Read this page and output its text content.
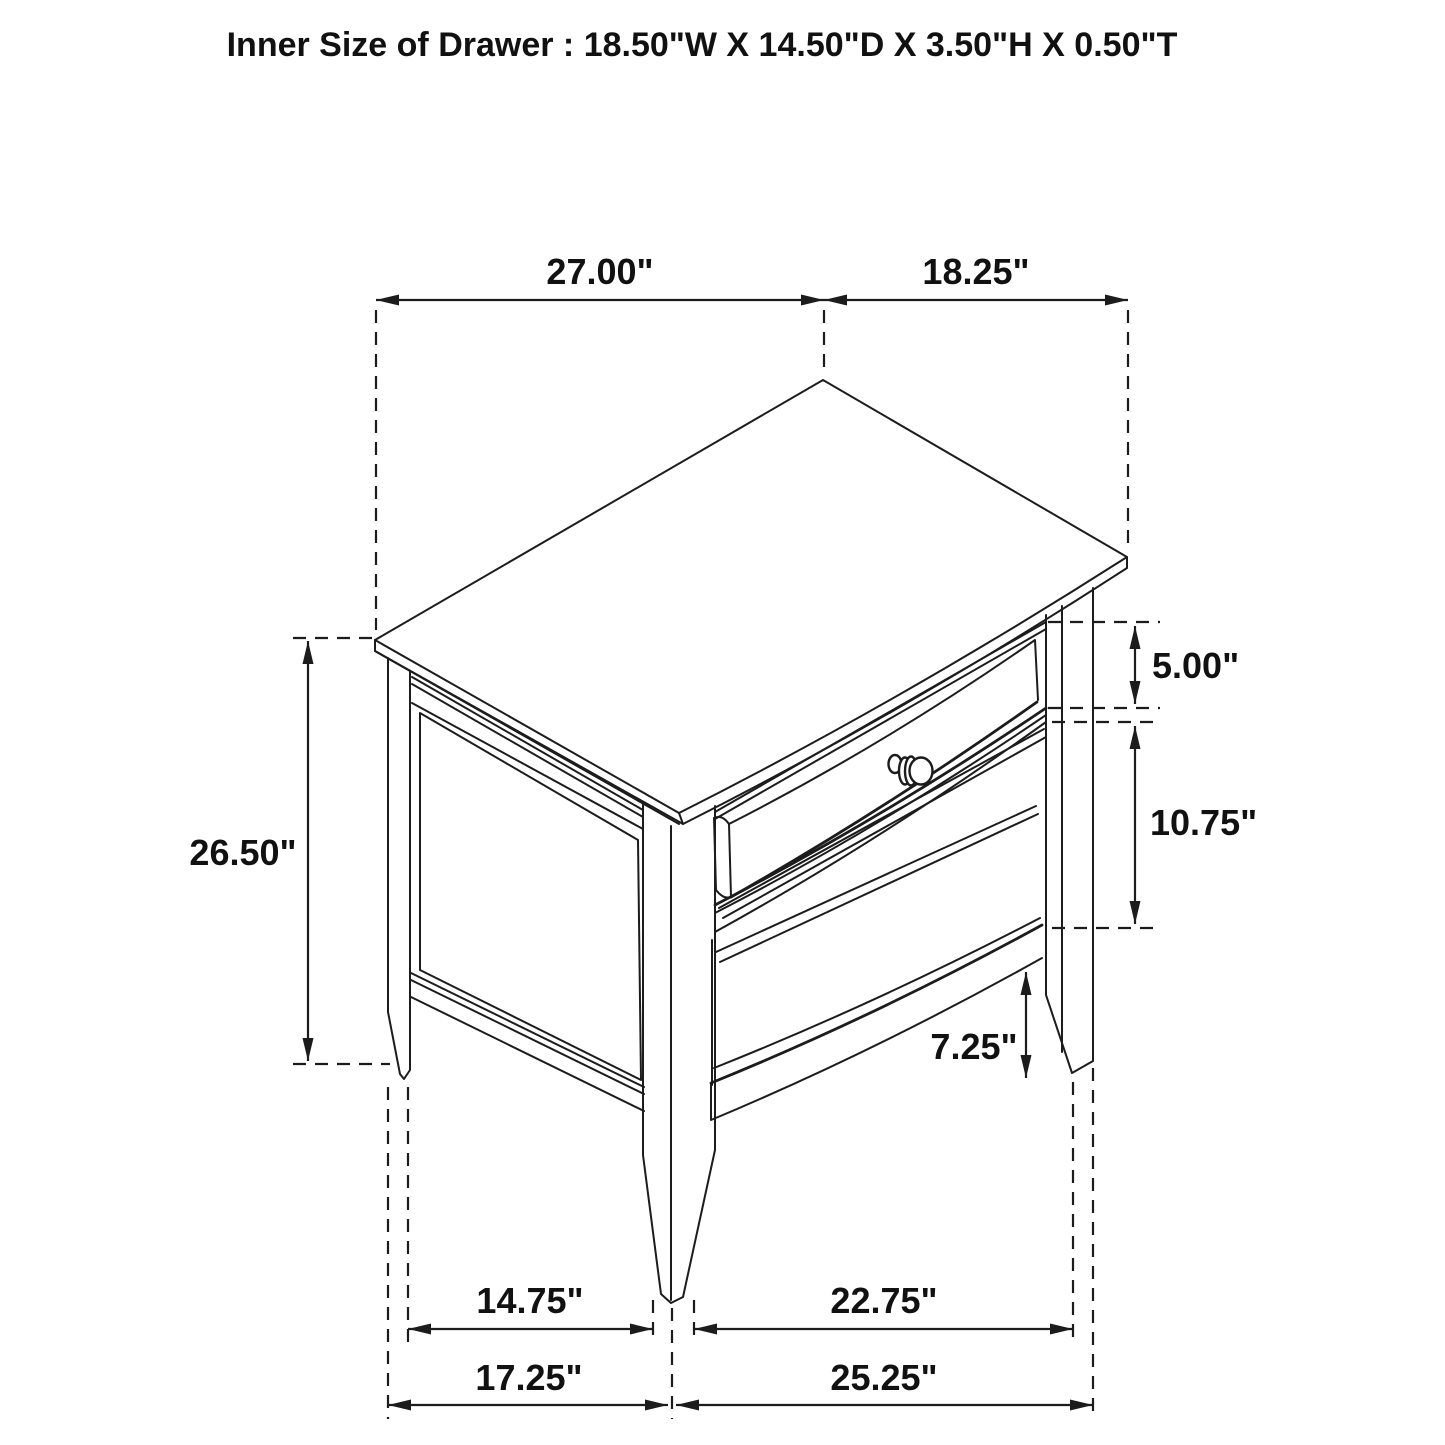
Inner Size of Drawer : 18.50"W X 14.50"D X 3.50"H X 0.50"T
27.00"	18.25"
26.50"
5.00"
10.75"
7.25"
14.75"	22.75"
17.25"	25.25"
